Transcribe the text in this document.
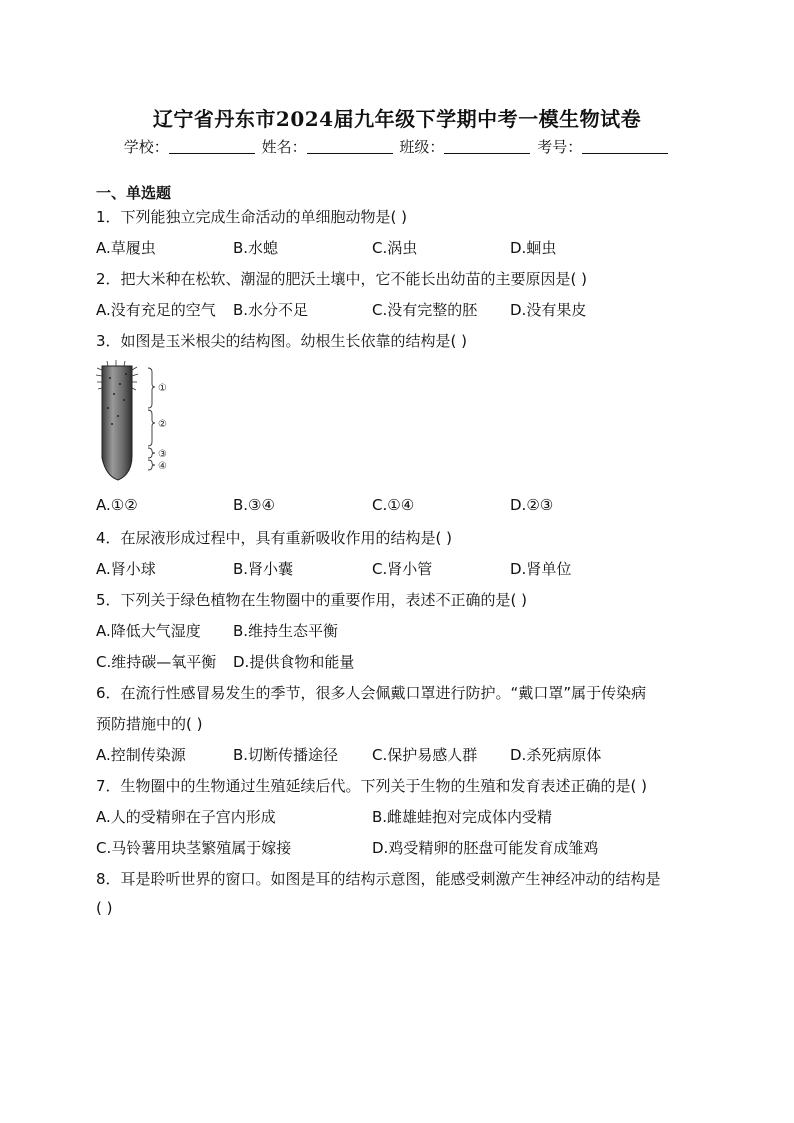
辽宁省丹东市2024届九年级下学期中考一模生物试卷
学校：	姓名：	班级：	考号：
一、单选题
1．下列能独立完成生命活动的单细胞动物是( )
A.草履虫	B.水螅	C.涡虫	D.蛔虫
2．把大米种在松软、潮湿的肥沃土壤中，它不能长出幼苗的主要原因是( )
A.没有充足的空气 B.水分不足	C.没有完整的胚 D.没有果皮
3．如图是玉米根尖的结构图。幼根生长依靠的结构是( )
①
②
③
④
A.①②	B.③④	C.①④	D.②③
4．在尿液形成过程中，具有重新吸收作用的结构是( )
A.肾小球	B.肾小囊	C.肾小管	D.肾单位
5．下列关于绿色植物在生物圈中的重要作用，表述不正确的是( )
A.降低大气湿度 B.维持生态平衡
C.维持碳—氧平衡 D.提供食物和能量
6．在流行性感冒易发生的季节，很多人会佩戴口罩进行防护。“戴口罩”属于传染病
预防措施中的( )
A.控制传染源	B.切断传播途径 C.保护易感人群 D.杀死病原体
7．生物圈中的生物通过生殖延续后代。下列关于生物的生殖和发育表述正确的是( )
A.人的受精卵在子宫内形成	B.雌雄蛙抱对完成体内受精
C.马铃薯用块茎繁殖属于嫁接	D.鸡受精卵的胚盘可能发育成雏鸡
8．耳是聆听世界的窗口。如图是耳的结构示意图，能感受刺激产生神经冲动的结构是
( )
